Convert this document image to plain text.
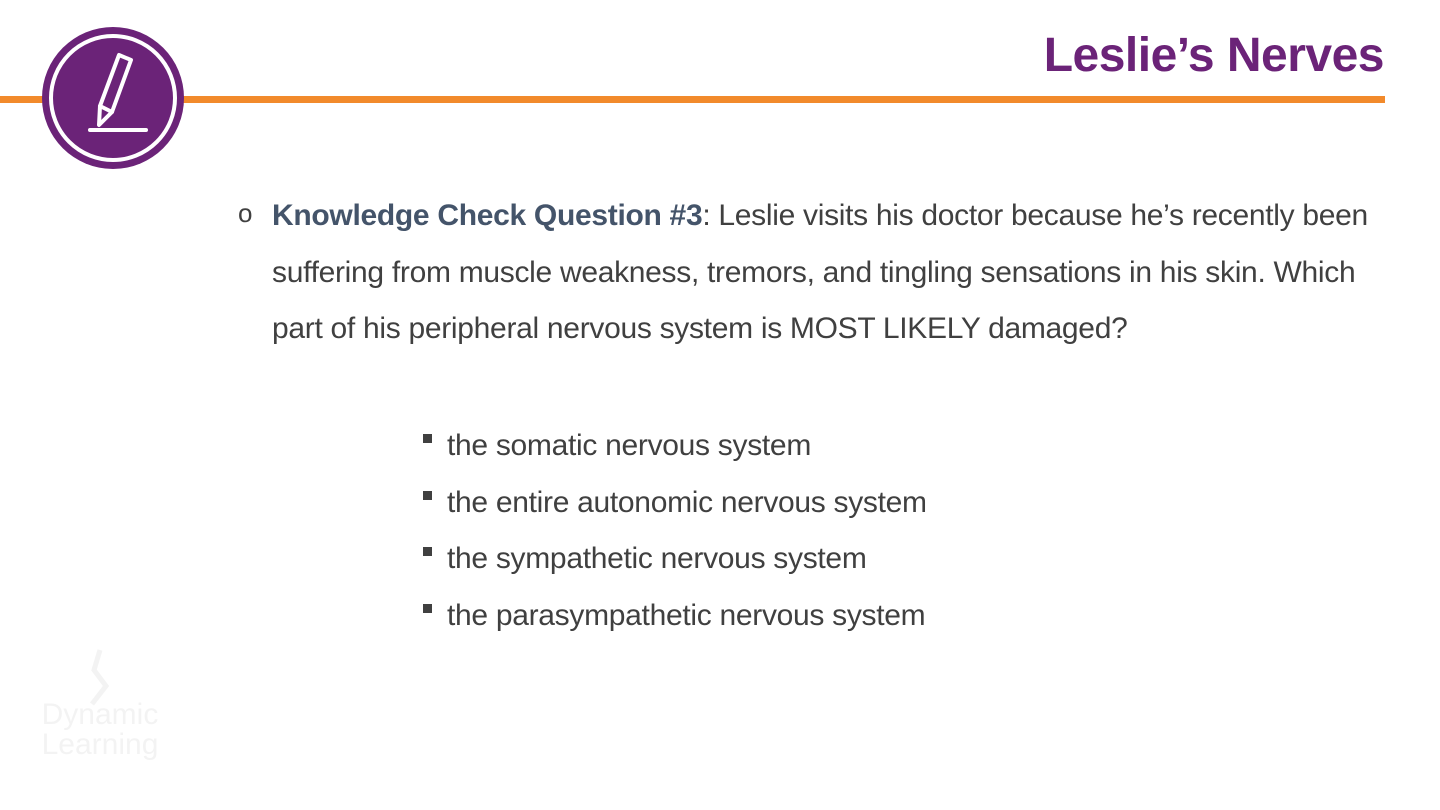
Leslie’s Nerves

o Knowledge Check Question #3: Leslie visits his doctor because he’s recently been suffering from muscle weakness, tremors, and tingling sensations in his skin. Which part of his peripheral nervous system is MOST LIKELY damaged?

the somatic nervous system
the entire autonomic nervous system
the sympathetic nervous system
the parasympathetic nervous system
Dynamic
Learning
